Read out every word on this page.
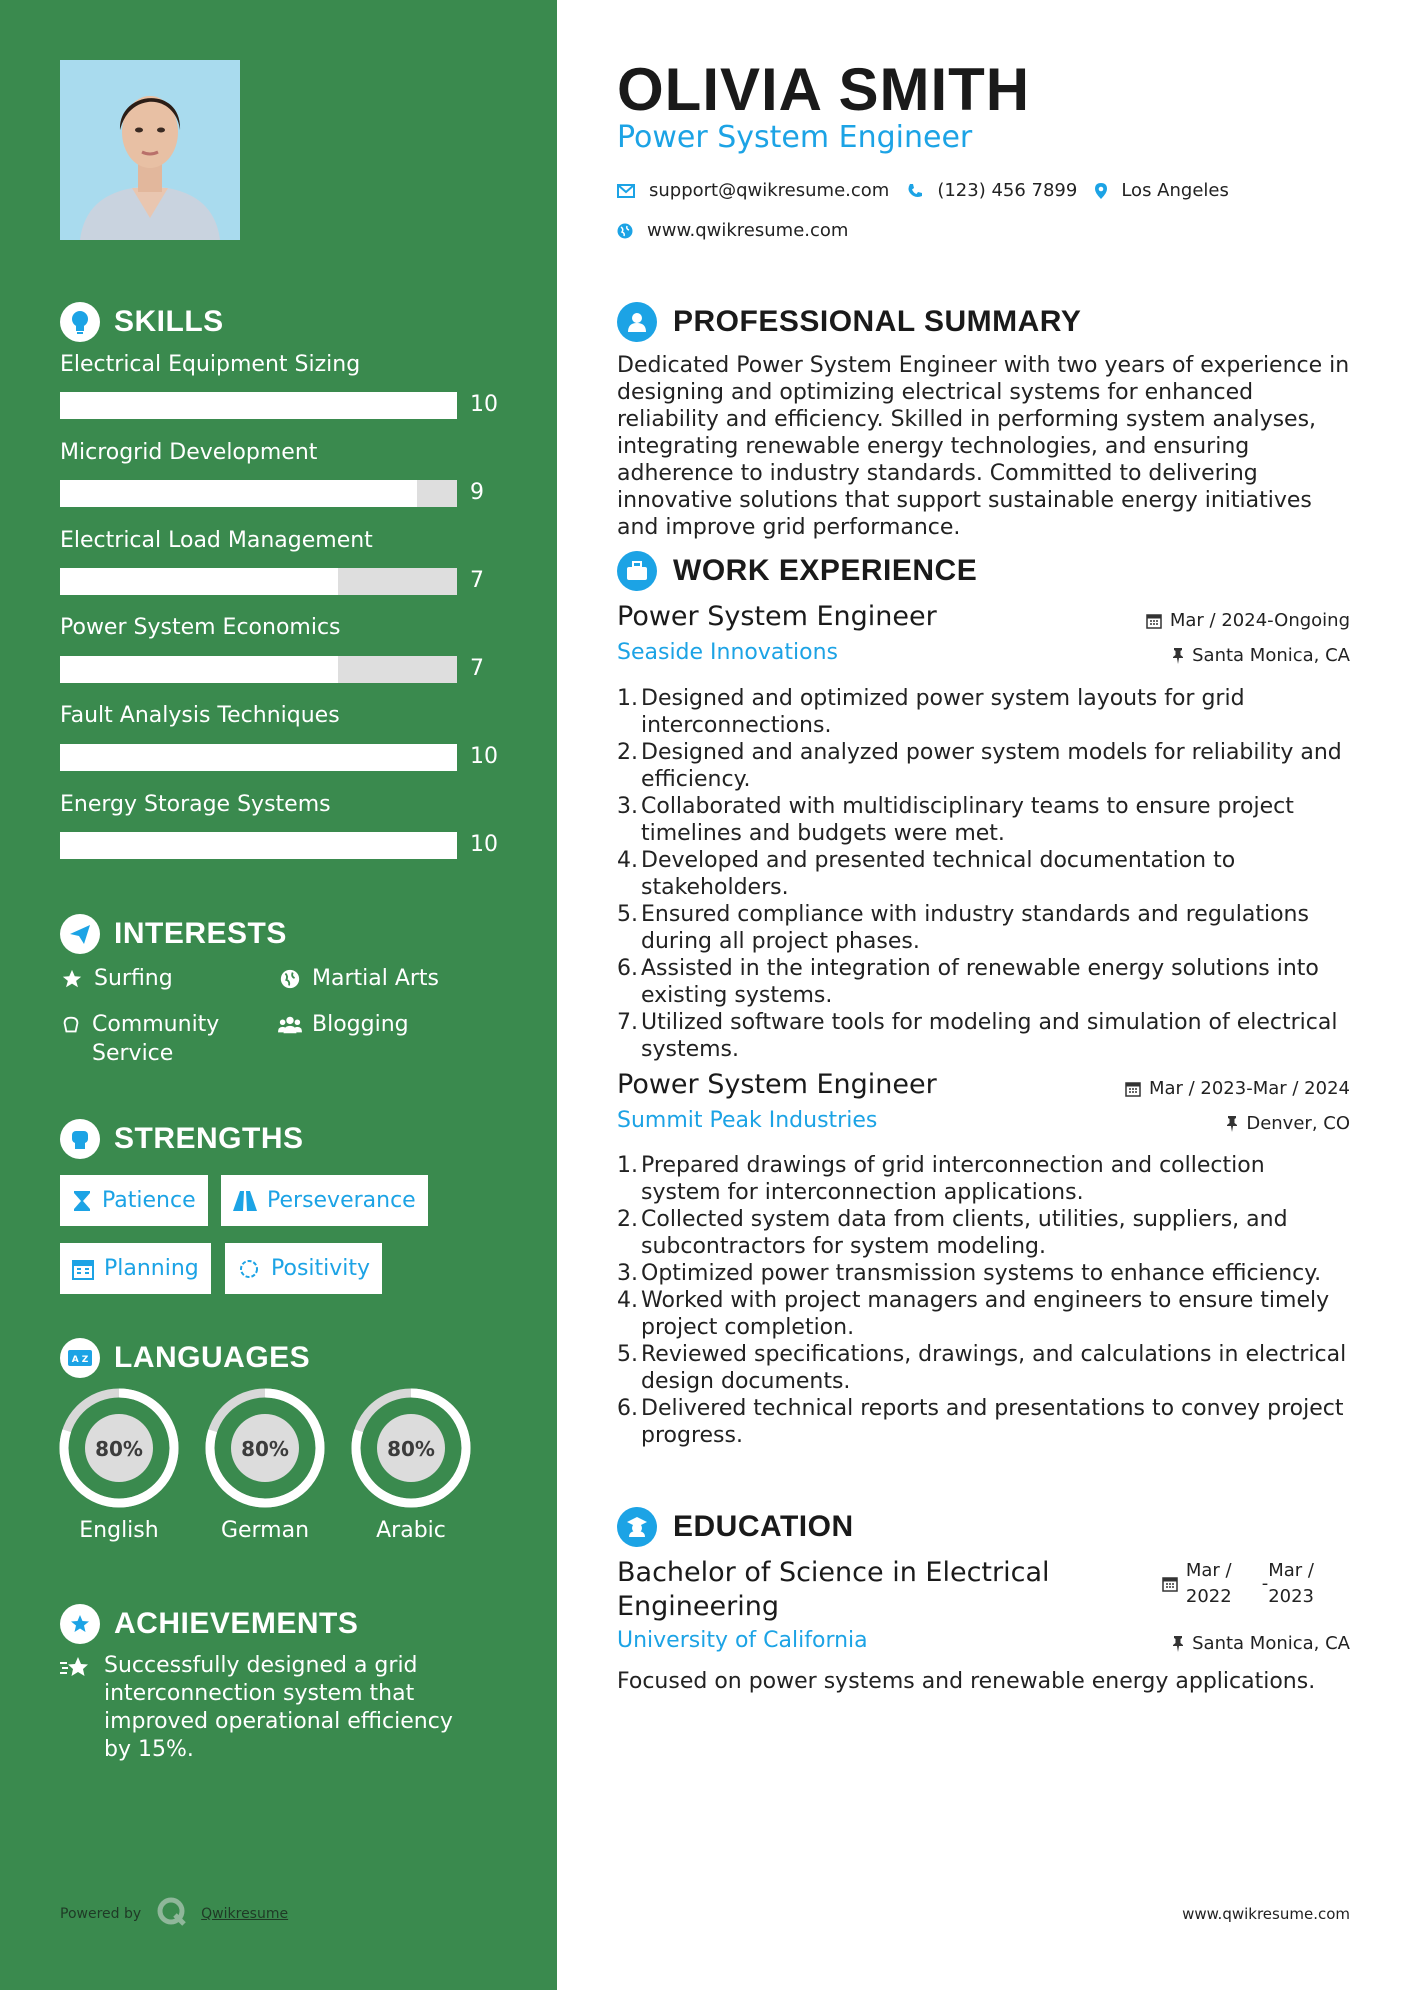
SKILLS
Electrical Equipment Sizing
10
Microgrid Development
9
Electrical Load Management
7
Power System Economics
7
Fault Analysis Techniques
10
Energy Storage Systems
10
INTERESTS
Surfing	Martial Arts
Community Service
Blogging
STRENGTHS
Patience	Perseverance
Planning	Positivity
A Z LANGUAGES
80%
English
80%
German
80%
Arabic
ACHIEVEMENTS
Successfully designed a grid interconnection system that improved operational efficiency by 15%.
Powered by	Qwikresume
OLIVIA SMITH
Power System Engineer
support@qwikresume.com	(123) 456 7899 Los Angeles
www.qwikresume.com
PROFESSIONAL SUMMARY
Dedicated Power System Engineer with two years of experience in designing and optimizing electrical systems for enhanced reliability and efficiency. Skilled in performing system analyses, integrating renewable energy technologies, and ensuring adherence to industry standards. Committed to delivering innovative solutions that support sustainable energy initiatives and improve grid performance.
WORK EXPERIENCE
Power System Engineer	Mar / 2024-Ongoing
Seaside Innovations	Santa Monica, CA
1. Designed and optimized power system layouts for grid interconnections.
2. Designed and analyzed power system models for reliability and efficiency.
3. Collaborated with multidisciplinary teams to ensure project timelines and budgets were met.
4. Developed and presented technical documentation to stakeholders.
5. Ensured compliance with industry standards and regulations during all project phases.
6. Assisted in the integration of renewable energy solutions into existing systems.
7. Utilized software tools for modeling and simulation of electrical systems.
Power System Engineer	Mar / 2023-Mar / 2024
Summit Peak Industries	Denver, CO
1. Prepared drawings of grid interconnection and collection system for interconnection applications.
2. Collected system data from clients, utilities, suppliers, and subcontractors for system modeling.
3. Optimized power transmission systems to enhance efficiency.
4. Worked with project managers and engineers to ensure timely project completion.
5. Reviewed specifications, drawings, and calculations in electrical design documents.
6. Delivered technical reports and presentations to convey project progress.
EDUCATION
Bachelor of Science in Electrical Engineering
Mar /
2022
-
Mar /
2023
University of California	Santa Monica, CA
Focused on power systems and renewable energy applications.
www.qwikresume.com
